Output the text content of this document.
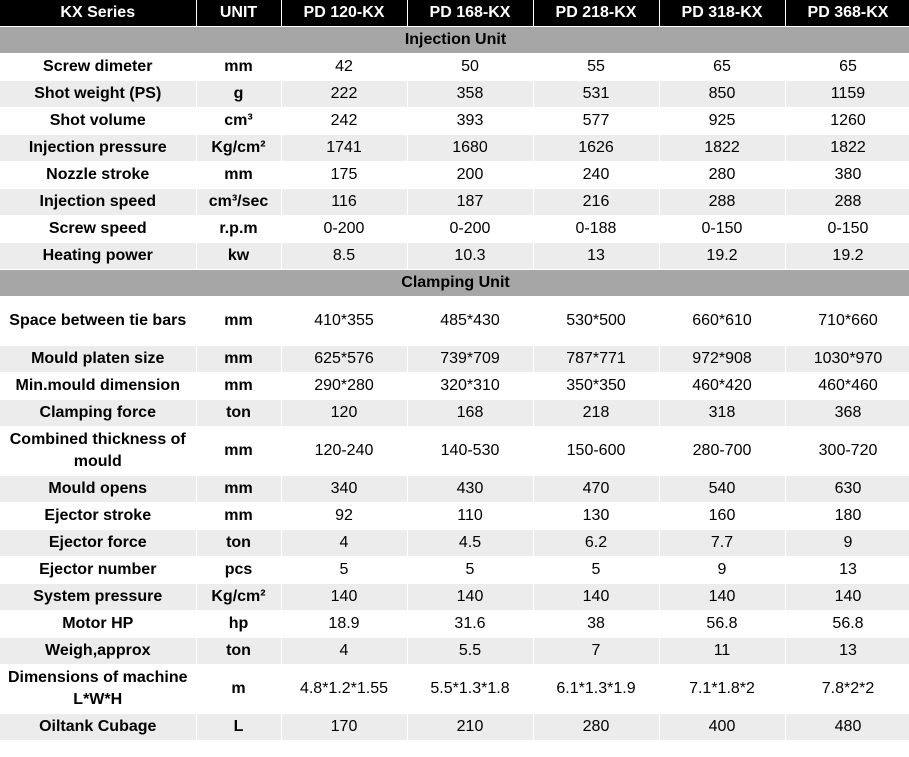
KX Series	UNIT	PD 120-KX	PD 168-KX	PD 218-KX	PD 318-KX	PD 368-KX
Injection Unit						
Screw dimeter	mm	42	50	55	65	65
Shot weight (PS)	g	222	358	531	850	1159
Shot volume	cm³	242	393	577	925	1260
Injection pressure	Kg/cm²	1741	1680	1626	1822	1822
Nozzle stroke	mm	175	200	240	280	380
Injection speed	cm³/sec	116	187	216	288	288
Screw speed	r.p.m	0-200	0-200	0-188	0-150	0-150
Heating power	kw	8.5	10.3	13	19.2	19.2
Clamping Unit						
Space between tie bars	mm	410*355	485*430	530*500	660*610	710*660
Mould platen size	mm	625*576	739*709	787*771	972*908	1030*970
Min.mould dimension	mm	290*280	320*310	350*350	460*420	460*460
Clamping force	ton	120	168	218	318	368
Combined thickness of mould	mm	120-240	140-530	150-600	280-700	300-720
Mould opens	mm	340	430	470	540	630
Ejector stroke	mm	92	110	130	160	180
Ejector force	ton	4	4.5	6.2	7.7	9
Ejector number	pcs	5	5	5	9	13
System pressure	Kg/cm²	140	140	140	140	140
Motor HP	hp	18.9	31.6	38	56.8	56.8
Weigh,approx	ton	4	5.5	7	11	13
Dimensions of machine L*W*H	m	4.8*1.2*1.55	5.5*1.3*1.8	6.1*1.3*1.9	7.1*1.8*2	7.8*2*2
Oiltank Cubage	L	170	210	280	400	480
